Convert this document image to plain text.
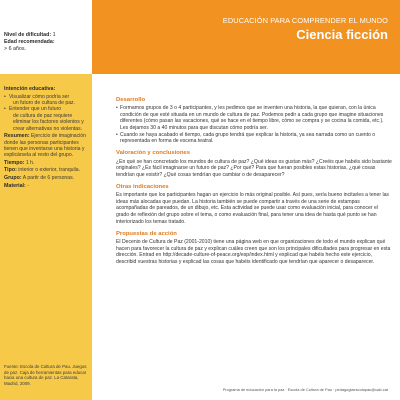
Nivel de dificultad: 1
Edad recomendada:
> 6 años.
Intención educativa:
• Visualizar cómo podría ser
un futuro de cultura de paz.
• Entender que un futuro
de cultura de paz requiere eliminar los factores violentos y crear alternativas no violentas.
Resumen: Ejercicio de imaginación donde las personas participantes tienen que inventarse una historia y explicársela al resto del grupo.
Tiempo: 1 h.
Tipo: interior o exterior, tranquila.
Grupo: A partir de 6 personas.
Material: -
Fuente: Escola de Cultura de Pau. Juegos de paz. Caja de herramientas para educar hacia una cultura de paz. La Catarata, Madrid, 2009.
EDUCACIÓN PARA COMPRENDER EL MUNDO
Ciencia ficción
Desarrollo
• Formamos grupos de 3 o 4 participantes, y les pedimos que se inventen una historia, la que quieran, con la única condición de que esté situada en un mundo de cultura de paz. Podemos pedir a cada grupo que imagine situaciones diferentes (cómo pasan las vacaciones, qué se hace en el tiempo libre, cómo se compra y se cocina la comida, etc.). Les dejamos 30 a 40 minutos para que discutan cómo podría ser.
• Cuando se haya acabado el tiempo, cada grupo tendrá que explicar la historia, ya sea narrada como un cuento o representada en forma de escena teatral.
Valoración y conclusiones
¿En qué se han concretado los mundos de cultura de paz? ¿Qué ideas os gustan más? ¿Creéis que habéis sido bastante originales? ¿Es fácil imaginarse un futuro de paz? ¿Por qué? Para que fueran posibles estas historias, ¿qué cosas tendrían que existir? ¿Qué cosas tendrían que cambiar o de desaparecer?
Otras indicaciones
Es importante que los participantes hagan un ejercicio lo más original posible. Así pues, sería bueno incitarles a tener las ideas más alocadas que puedan. La historia también se puede compartir a través de una serie de estampas acompañadas de pareados, de un dibujo, etc. Esta actividad se puede usar como evaluación inicial, para conocer el grado de reflexión del grupo sobre el tema, o como evaluación final, para tener una idea de hasta qué punto se han interiorizado los temas tratado.
Propuestas de acción
El Decenio de Cultura de Paz (2001-2010) tiene una página web en que organizaciones de todo el mundo explican qué hacen para favorecer la cultura de paz y explican cuáles creen que son los principales dificultades para progresar en esta dirección. Entrad en http://decade-culture-of-peace.org/esp/index.html y explicad que habéis hecho este ejercicio, describid vuestras historias y explicad las cosas que habéis identificado que tendrían que aparecer o desaparecer.
Programa de educación para la paz · Escola de Cultura de Pau · pedagogiaescolapau@uab.cat
